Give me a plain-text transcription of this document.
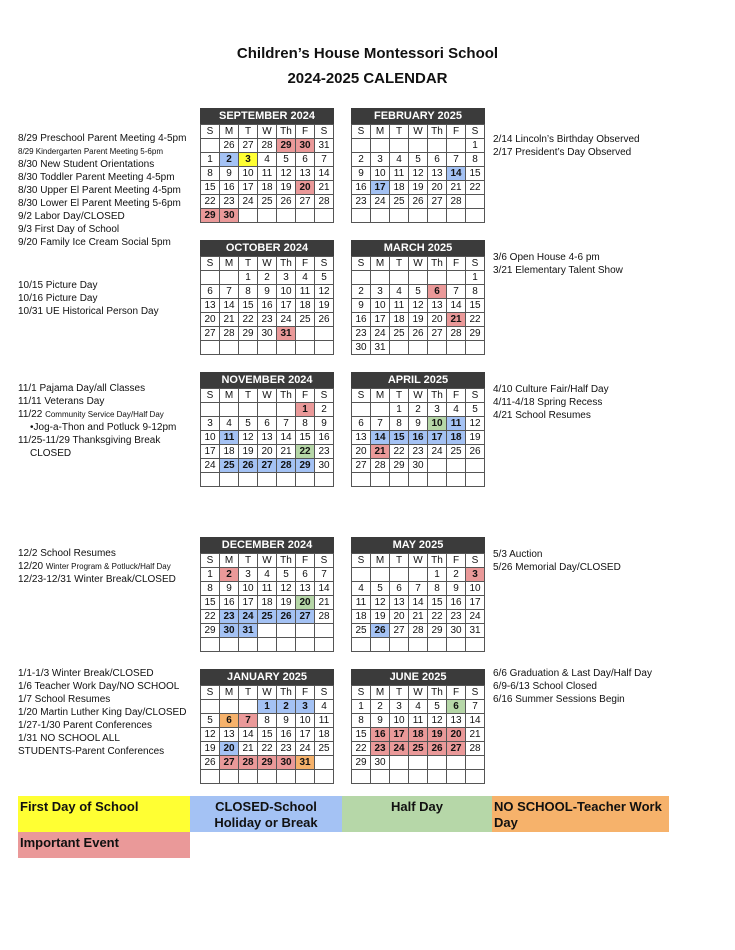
Children’s House Montessori School
2024-2025 CALENDAR
SEPTEMBER 2024
S	M	T	W	Th	F	S
	26	27	28	29	30	31
1	2	3	4	5	6	7
8	9	10	11	12	13	14
15	16	17	18	19	20	21
22	23	24	25	26	27	28
29	30					
OCTOBER 2024
S	M	T	W	Th	F	S
		1	2	3	4	5
6	7	8	9	10	11	12
13	14	15	16	17	18	19
20	21	22	23	24	25	26
27	28	29	30	31		

NOVEMBER 2024
S	M	T	W	Th	F	S
					1	2
3	4	5	6	7	8	9
10	11	12	13	14	15	16
17	18	19	20	21	22	23
24	25	26	27	28	29	30

DECEMBER 2024
S	M	T	W	Th	F	S
1	2	3	4	5	6	7
8	9	10	11	12	13	14
15	16	17	18	19	20	21
22	23	24	25	26	27	28
29	30	31				

JANUARY 2025
S	M	T	W	Th	F	S
			1	2	3	4
5	6	7	8	9	10	11
12	13	14	15	16	17	18
19	20	21	22	23	24	25
26	27	28	29	30	31	

FEBRUARY 2025
S	M	T	W	Th	F	S
						1
2	3	4	5	6	7	8
9	10	11	12	13	14	15
16	17	18	19	20	21	22
23	24	25	26	27	28	

MARCH 2025
S	M	T	W	Th	F	S
						1
2	3	4	5	6	7	8
9	10	11	12	13	14	15
16	17	18	19	20	21	22
23	24	25	26	27	28	29
30	31					
APRIL 2025
S	M	T	W	Th	F	S
		1	2	3	4	5
6	7	8	9	10	11	12
13	14	15	16	17	18	19
20	21	22	23	24	25	26
27	28	29	30			

MAY 2025
S	M	T	W	Th	F	S
				1	2	3
4	5	6	7	8	9	10
11	12	13	14	15	16	17
18	19	20	21	22	23	24
25	26	27	28	29	30	31

JUNE 2025
S	M	T	W	Th	F	S
1	2	3	4	5	6	7
8	9	10	11	12	13	14
15	16	17	18	19	20	21
22	23	24	25	26	27	28
29	30					

8/29 Preschool Parent Meeting 4-5pm
8/29 Kindergarten Parent Meeting 5-6pm
8/30 New Student Orientations
8/30 Toddler Parent Meeting 4-5pm
8/30 Upper El Parent Meeting 4-5pm
8/30 Lower El Parent Meeting 5-6pm
9/2 Labor Day/CLOSED
9/3 First Day of School
9/20 Family Ice Cream Social 5pm
10/15 Picture Day
10/16 Picture Day
10/31 UE Historical Person Day
11/1 Pajama Day/all Classes
11/11 Veterans Day
11/22 Community Service Day/Half Day
•Jog-a-Thon and Potluck 9-12pm
11/25-11/29 Thanksgiving Break
CLOSED
12/2 School Resumes
12/20 Winter Program & Potluck/Half Day
12/23-12/31 Winter Break/CLOSED
1/1-1/3 Winter Break/CLOSED
1/6 Teacher Work Day/NO SCHOOL
1/7 School Resumes
1/20 Martin Luther King Day/CLOSED
1/27-1/30 Parent Conferences
1/31 NO SCHOOL ALL
STUDENTS-Parent Conferences
2/14 Lincoln’s Birthday Observed
2/17 President’s Day Observed
3/6 Open House 4-6 pm
3/21 Elementary Talent Show
4/10 Culture Fair/Half Day
4/11-4/18 Spring Recess
4/21 School Resumes
5/3 Auction
5/26 Memorial Day/CLOSED
6/6 Graduation & Last Day/Half Day
6/9-6/13 School Closed
6/16 Summer Sessions Begin
First Day of School	CLOSED-School Holiday or Break
Half Day	NO SCHOOL-Teacher Work Day
Important Event
